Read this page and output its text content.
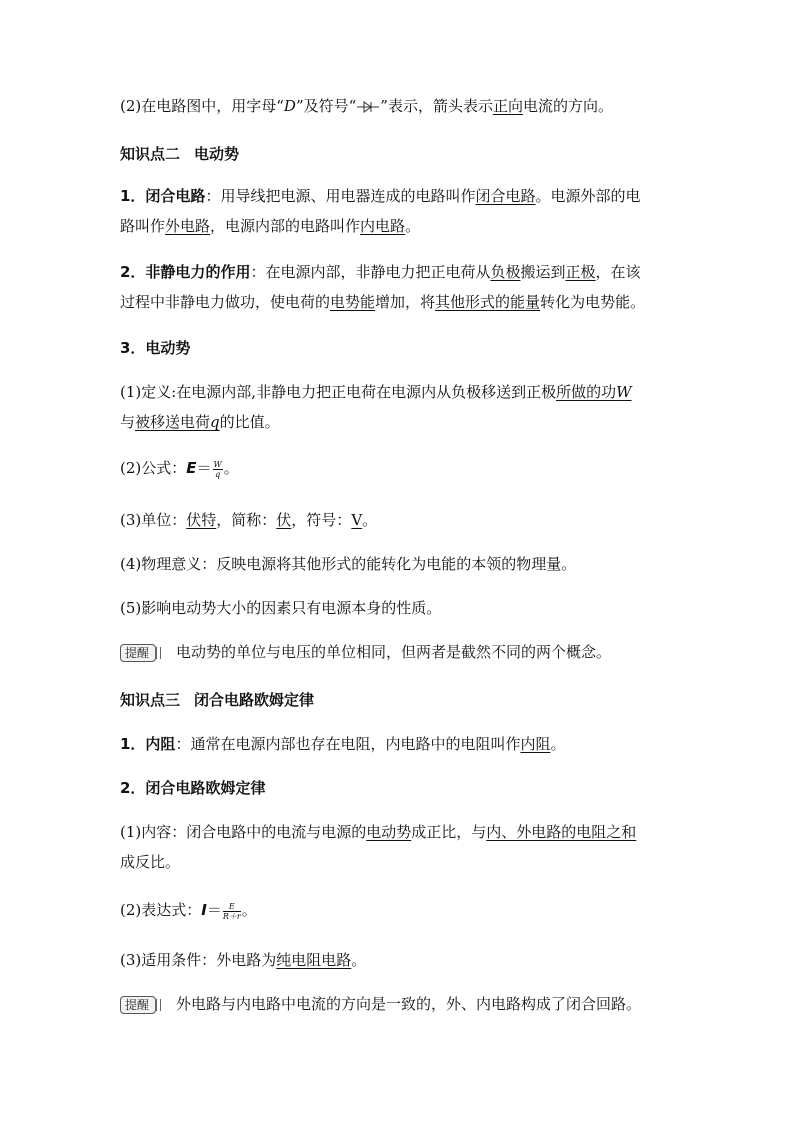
(2)在电路图中，用字母“D”及符号“ ”表示，箭头表示正向电流的方向。
知识点二 电动势
1．闭合电路：用导线把电源、用电器连成的电路叫作闭合电路。电源外部的电
路叫作外电路，电源内部的电路叫作内电路。
2．非静电力的作用：在电源内部，非静电力把正电荷从负极搬运到正极，在该
过程中非静电力做功，使电荷的电势能增加，将其他形式的能量转化为电势能。
3．电动势
(1)定义:在电源内部,非静电力把正电荷在电源内从负极移送到正极所做的功W
与被移送电荷q的比值。
(2)公式：$E= \frac{W}{q}$ 。
(3)单位：伏特，简称：伏，符号：V。
(4)物理意义：反映电源将其他形式的能转化为电能的本领的物理量。
(5)影响电动势大小的因素只有电源本身的性质。
提醒 电动势的单位与电压的单位相同，但两者是截然不同的两个概念。
知识点三 闭合电路欧姆定律
1．内阻：通常在电源内部也存在电阻，内电路中的电阻叫作内阻。
2．闭合电路欧姆定律
(1)内容：闭合电路中的电流与电源的电动势成正比，与内、外电路的电阻之和
成反比。
(2)表达式：$I= \frac{E}{R+r}$ 。
(3)适用条件：外电路为纯电阻电路。
提醒 外电路与内电路中电流的方向是一致的，外、内电路构成了闭合回路。
